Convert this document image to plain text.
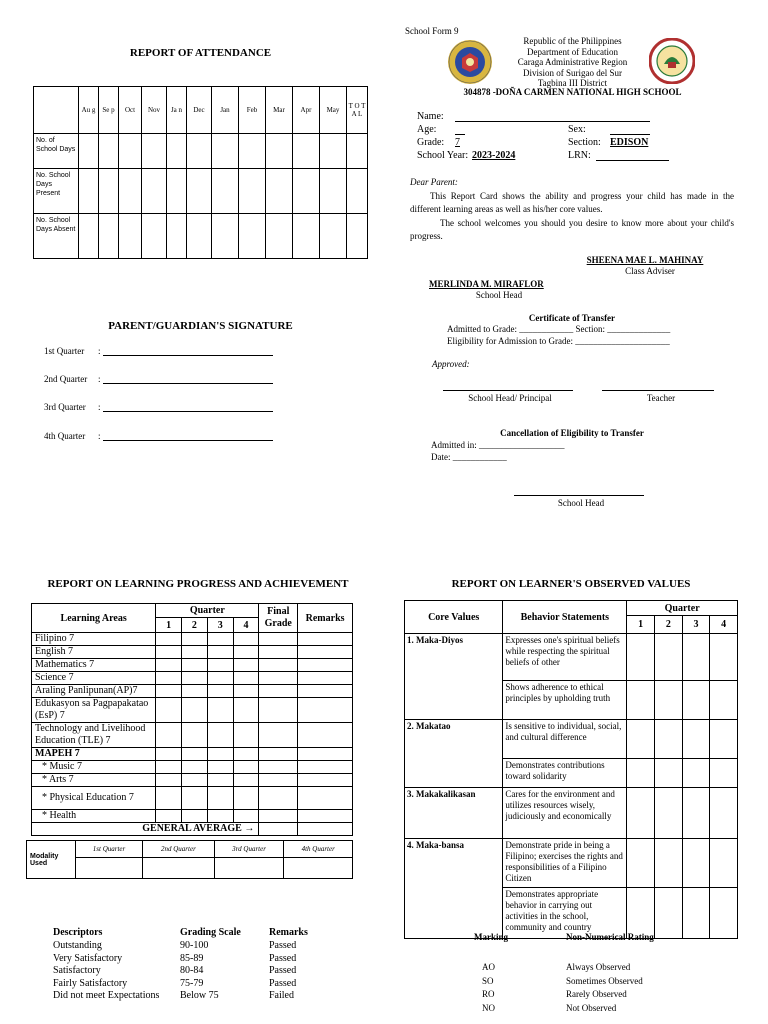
REPORT OF ATTENDANCE
	Au g	Se p	Oct	Nov	Ja n	Dec	Jan	Feb	Mar	Apr	May	T O T A L
No. of School Days												
No. School Days Present												
No. School Days Absent												
PARENT/GUARDIAN'S SIGNATURE
1st Quarter :
2nd Quarter :
3rd Quarter :
4th Quarter :
REPORT ON LEARNING PROGRESS AND ACHIEVEMENT
Learning Areas	Quarter				Final Grade	Remarks
	1	2	3	4		
Filipino 7						
English 7						
Mathematics 7						
Science 7						
Araling Panlipunan(AP)7						
Edukasyon sa Pagpapakatao (EsP) 7						
Technology and Livelihood Education (TLE) 7						
MAPEH 7						
* Music 7						
* Arts 7						
* Physical Education 7						
* Health						
GENERAL AVERAGE →						
Modality Used	1st Quarter	2nd Quarter	3rd Quarter	4th Quarter

Descriptors	Grading Scale	Remarks
Outstanding	90-100	Passed
Very Satisfactory	85-89	Passed
Satisfactory	80-84	Passed
Fairly Satisfactory	75-79	Passed
Did not meet Expectations	Below 75	Failed
School Form 9
Republic of the Philippines
Department of Education
Caraga Administrative Region
Division of Surigao del Sur
Tagbina III District
304878 -DOÑA CARMEN NATIONAL HIGH SCHOOL
Name:
Age:
Grade: 7
School Year: 2023-2024
Sex:
Section: EDISON
LRN:
Dear Parent:
This Report Card shows the ability and progress your child has made in the different learning areas as well as his/her core values.
The school welcomes you should you desire to know more about your child's progress.
SHEENA MAE L. MAHINAY
Class Adviser
MERLINDA M. MIRAFLOR
School Head
Certificate of Transfer
Admitted to Grade: ____________ Section: ______________
Eligibility for Admission to Grade: _____________________
Approved:
School Head/ Principal	Teacher
Cancellation of Eligibility to Transfer
Admitted in: ___________________
Date: ____________
School Head
REPORT ON LEARNER'S OBSERVED VALUES
Core Values	Behavior Statements	Quarter			
		1	2	3	4
1. Maka-Diyos	Expresses one's spiritual beliefs while respecting the spiritual beliefs of other				
	Shows adherence to ethical principles by upholding truth				
2. Makatao	Is sensitive to individual, social, and cultural difference				
	Demonstrates contributions toward solidarity				
3. Makakalikasan	Cares for the environment and utilizes resources wisely, judiciously and economically				
4. Maka-bansa	Demonstrate pride in being a Filipino; exercises the rights and responsibilities of a Filipino Citizen				
	Demonstrates appropriate behavior in carrying out activities in the school, community and country				
Marking	Non-Numerical Rating
AO	Always Observed
SO	Sometimes Observed
RO	Rarely Observed
NO	Not Observed
